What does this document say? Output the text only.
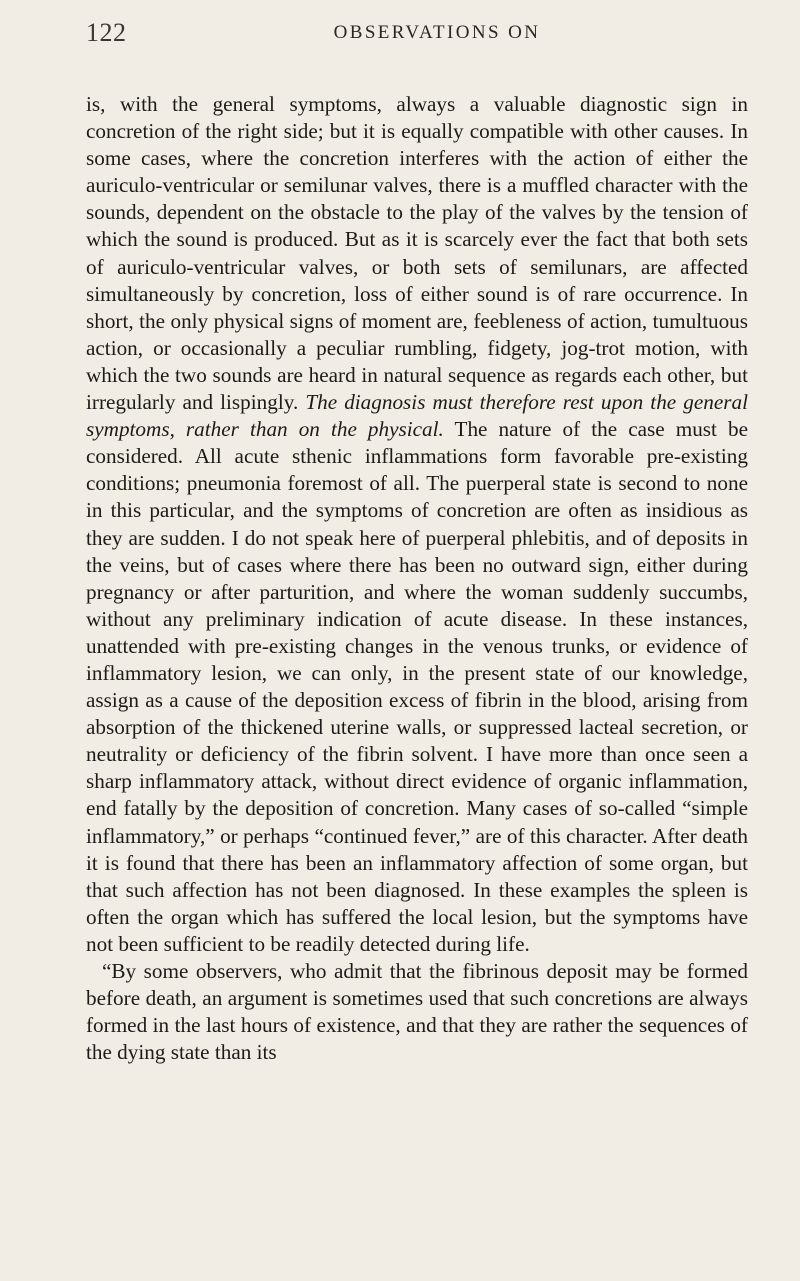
122	OBSERVATIONS ON

is, with the general symptoms, always a valuable diagnostic sign in concretion of the right side; but it is equally compatible with other causes. In some cases, where the concretion interferes with the action of either the auriculo-ventricular or semilunar valves, there is a muffled character with the sounds, dependent on the obstacle to the play of the valves by the tension of which the sound is produced. But as it is scarcely ever the fact that both sets of auriculo-ventricular valves, or both sets of semilunars, are affected simultaneously by concretion, loss of either sound is of rare occurrence. In short, the only physical signs of moment are, feebleness of action, tumultuous action, or occasionally a peculiar rumbling, fidgety, jog-trot motion, with which the two sounds are heard in natural sequence as regards each other, but irregularly and lispingly. The diagnosis must therefore rest upon the general symptoms, rather than on the physical. The nature of the case must be considered. All acute sthenic inflammations form favorable pre-existing conditions; pneumonia foremost of all. The puerperal state is second to none in this particular, and the symptoms of concretion are often as insidious as they are sudden. I do not speak here of puerperal phlebitis, and of deposits in the veins, but of cases where there has been no outward sign, either during pregnancy or after parturition, and where the woman suddenly succumbs, without any preliminary indication of acute disease. In these instances, unattended with pre-existing changes in the venous trunks, or evidence of inflammatory lesion, we can only, in the present state of our knowledge, assign as a cause of the deposition excess of fibrin in the blood, arising from absorption of the thickened uterine walls, or suppressed lacteal secretion, or neutrality or deficiency of the fibrin solvent. I have more than once seen a sharp inflammatory attack, without direct evidence of organic inflammation, end fatally by the deposition of concretion. Many cases of so-called “simple inflammatory,” or perhaps “continued fever,” are of this character. After death it is found that there has been an inflammatory affection of some organ, but that such affection has not been diagnosed. In these examples the spleen is often the organ which has suffered the local lesion, but the symptoms have not been sufficient to be readily detected during life.

“By some observers, who admit that the fibrinous deposit may be formed before death, an argument is sometimes used that such concretions are always formed in the last hours of existence, and that they are rather the sequences of the dying state than its
